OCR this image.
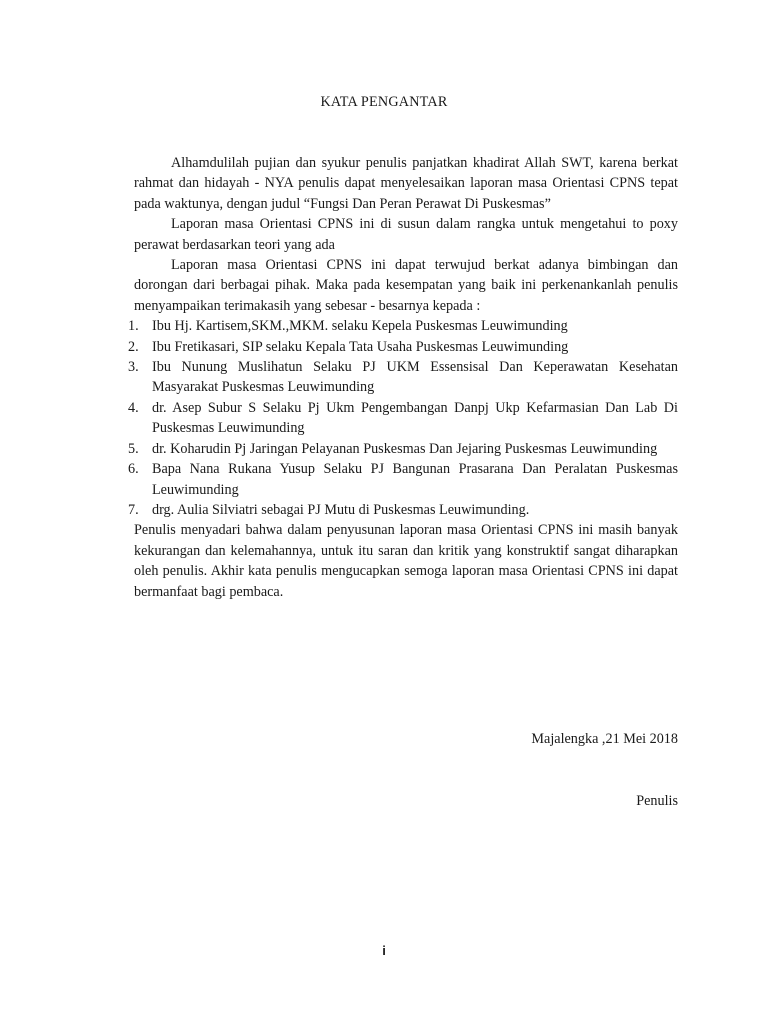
KATA PENGANTAR

Alhamdulilah pujian dan syukur penulis panjatkan khadirat Allah SWT, karena berkat rahmat dan hidayah - NYA penulis dapat menyelesaikan laporan masa Orientasi CPNS tepat pada waktunya, dengan judul “Fungsi Dan Peran Perawat Di Puskesmas”

Laporan masa Orientasi CPNS ini di susun dalam rangka untuk mengetahui to poxy perawat berdasarkan teori yang ada

Laporan masa Orientasi CPNS ini dapat terwujud berkat adanya bimbingan dan dorongan dari berbagai pihak. Maka pada kesempatan yang baik ini perkenankanlah penulis menyampaikan terimakasih yang sebesar - besarnya kepada :

1. Ibu Hj. Kartisem,SKM.,MKM. selaku Kepela Puskesmas Leuwimunding
2. Ibu Fretikasari, SIP selaku Kepala Tata Usaha Puskesmas Leuwimunding
3. Ibu Nunung Muslihatun Selaku PJ UKM Essensisal Dan Keperawatan Kesehatan Masyarakat Puskesmas Leuwimunding
4. dr. Asep Subur S Selaku Pj Ukm Pengembangan Danpj Ukp Kefarmasian Dan Lab Di Puskesmas Leuwimunding
5. dr. Koharudin Pj Jaringan Pelayanan Puskesmas Dan Jejaring Puskesmas Leuwimunding
6. Bapa Nana Rukana Yusup Selaku PJ Bangunan Prasarana Dan Peralatan Puskesmas Leuwimunding
7. drg. Aulia Silviatri sebagai PJ Mutu di Puskesmas Leuwimunding.

Penulis menyadari bahwa dalam penyusunan laporan masa Orientasi CPNS ini masih banyak kekurangan dan kelemahannya, untuk itu saran dan kritik yang konstruktif sangat diharapkan oleh penulis. Akhir kata penulis mengucapkan semoga laporan masa Orientasi CPNS ini dapat bermanfaat bagi pembaca.

Majalengka ,21 Mei 2018
Penulis
i
